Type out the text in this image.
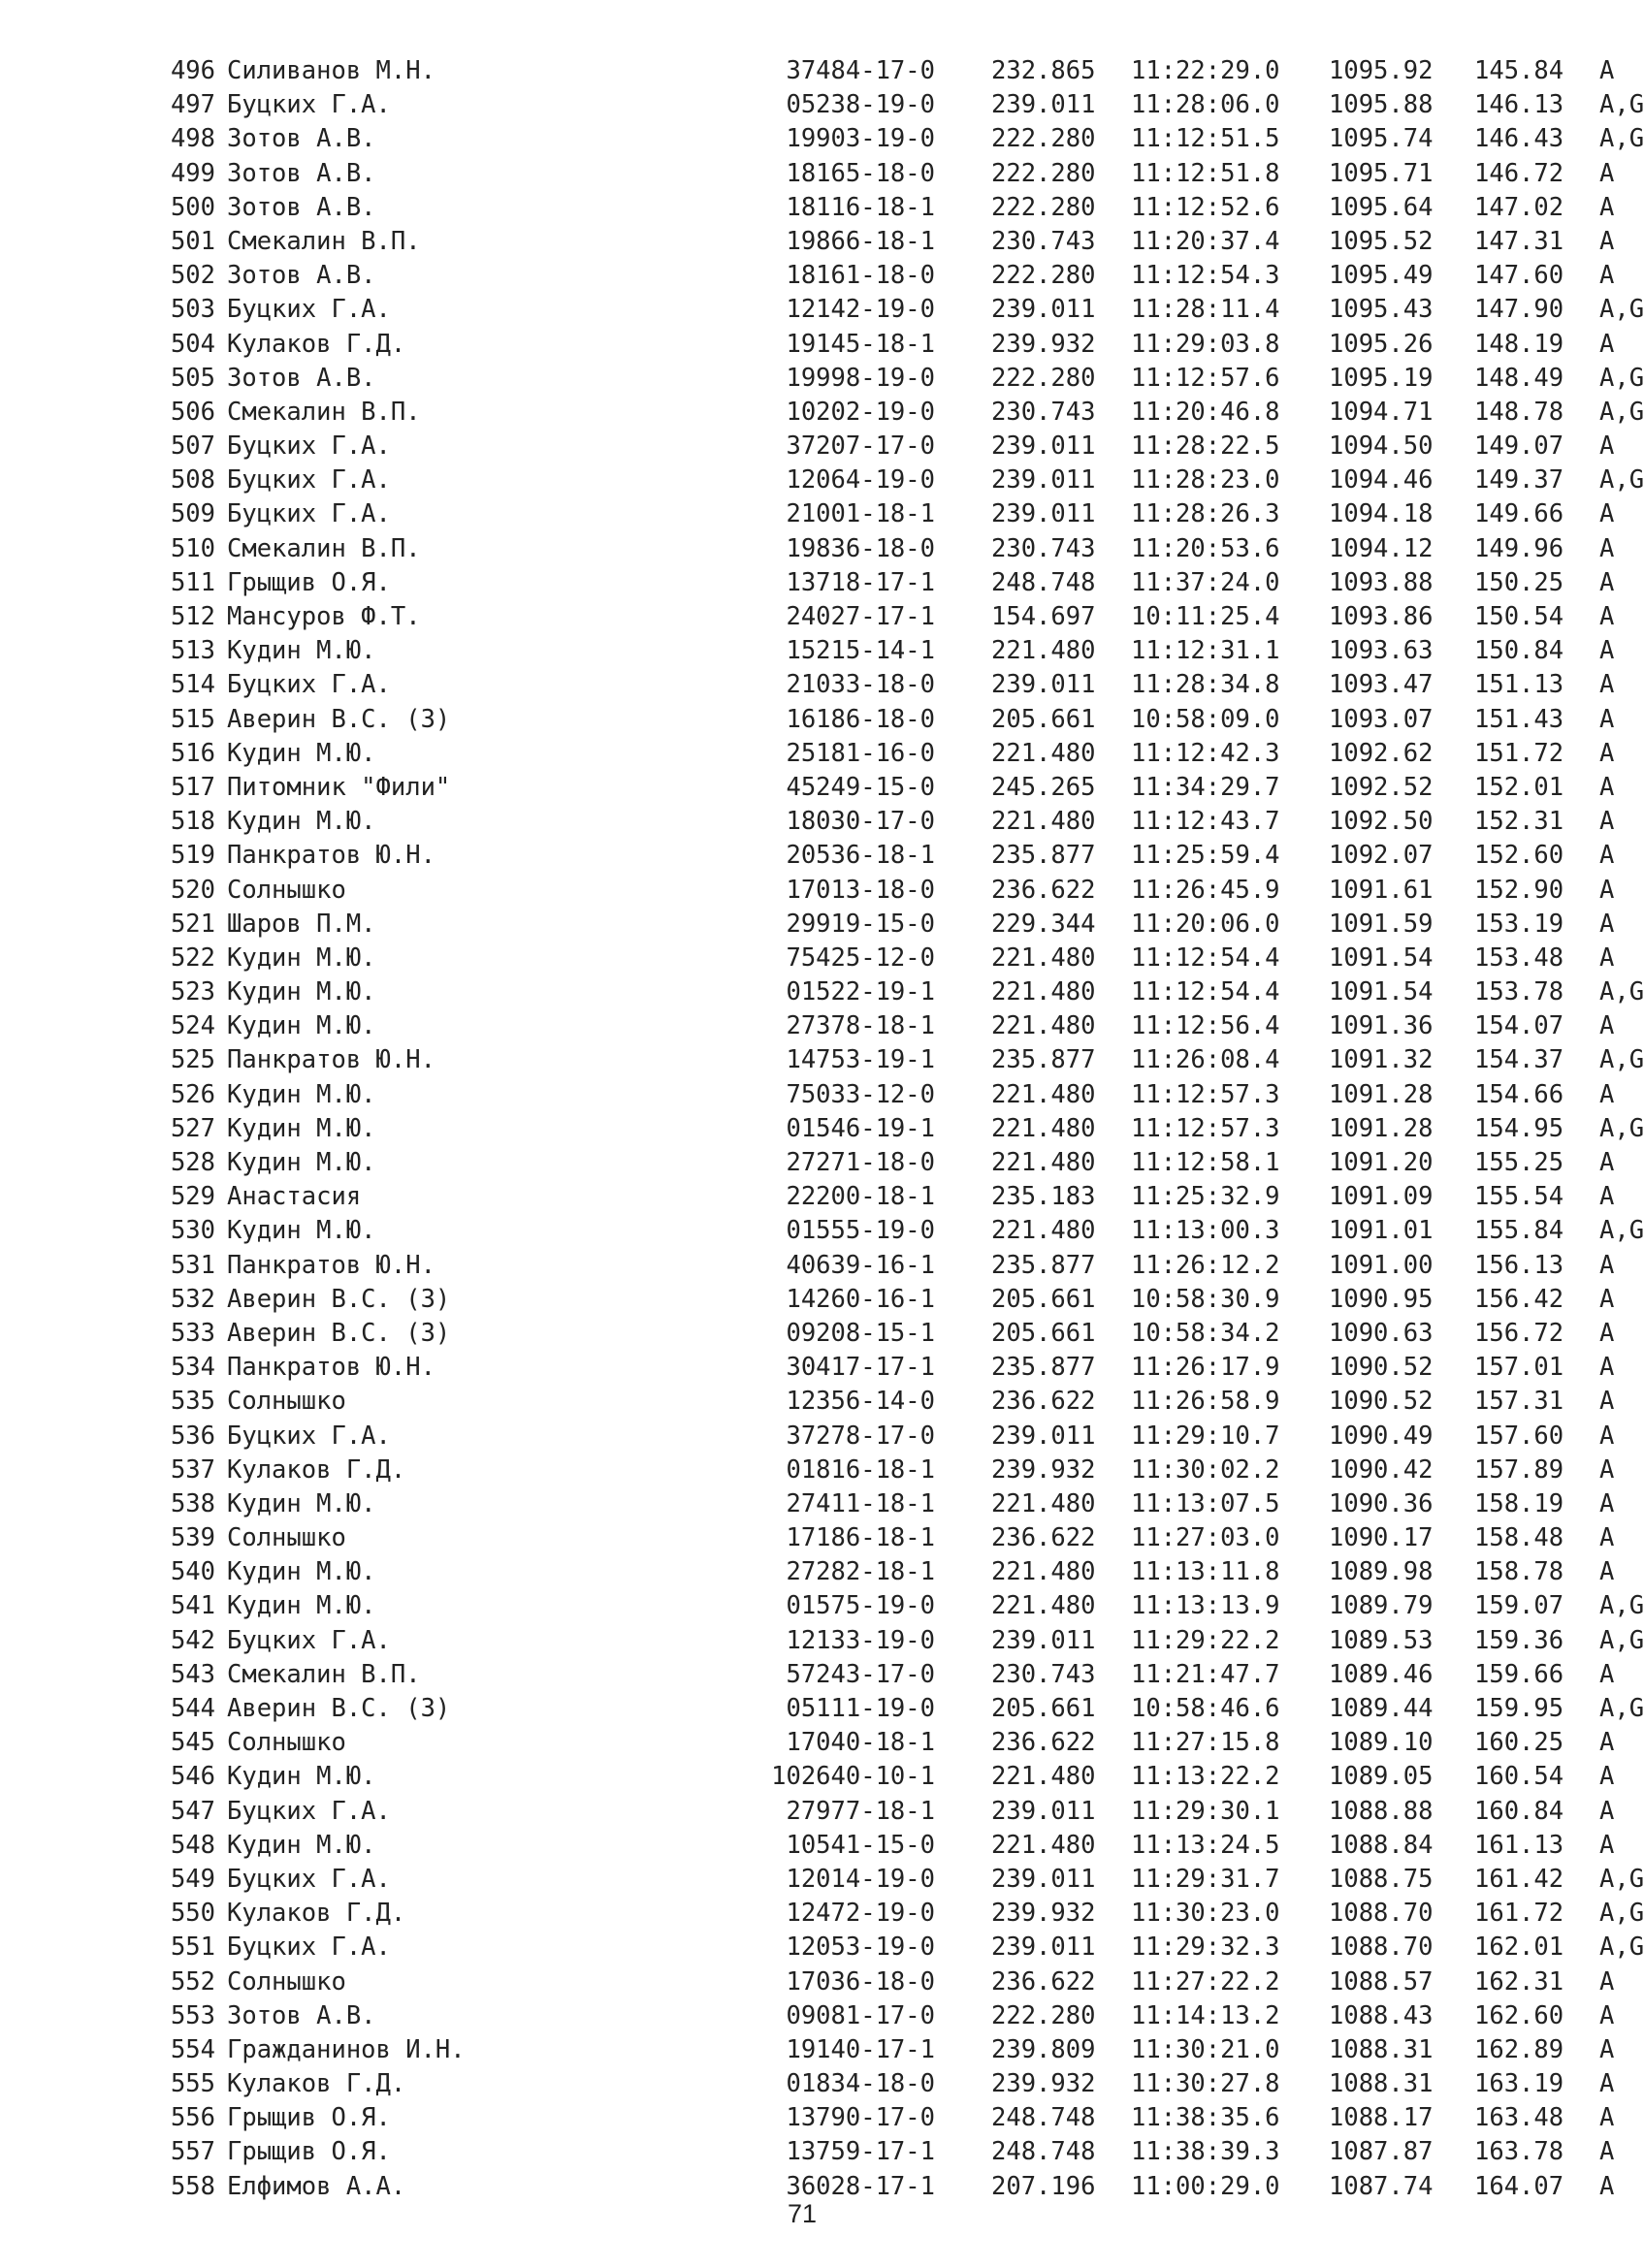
496 Силиванов М.Н.	37484-17-0 232.865 11:22:29.0 1095.92 145.84 A
497 Буцких Г.А.	05238-19-0 239.011 11:28:06.0 1095.88 146.13 A,G
498 Зотов А.В.	19903-19-0 222.280 11:12:51.5 1095.74 146.43 A,G
499 Зотов А.В.	18165-18-0 222.280 11:12:51.8 1095.71 146.72 A
500 Зотов А.В.	18116-18-1 222.280 11:12:52.6 1095.64 147.02 A
501 Смекалин В.П.	19866-18-1 230.743 11:20:37.4 1095.52 147.31 A
502 Зотов А.В.	18161-18-0 222.280 11:12:54.3 1095.49 147.60 A
503 Буцких Г.А.	12142-19-0 239.011 11:28:11.4 1095.43 147.90 A,G
504 Кулаков Г.Д.	19145-18-1 239.932 11:29:03.8 1095.26 148.19 A
505 Зотов А.В.	19998-19-0 222.280 11:12:57.6 1095.19 148.49 A,G
506 Смекалин В.П.	10202-19-0 230.743 11:20:46.8 1094.71 148.78 A,G
507 Буцких Г.А.	37207-17-0 239.011 11:28:22.5 1094.50 149.07 A
508 Буцких Г.А.	12064-19-0 239.011 11:28:23.0 1094.46 149.37 A,G
509 Буцких Г.А.	21001-18-1 239.011 11:28:26.3 1094.18 149.66 A
510 Смекалин В.П.	19836-18-0 230.743 11:20:53.6 1094.12 149.96 A
511 Грыщив О.Я.	13718-17-1 248.748 11:37:24.0 1093.88 150.25 A
512 Мансуров Ф.Т.	24027-17-1 154.697 10:11:25.4 1093.86 150.54 A
513 Кудин М.Ю.	15215-14-1 221.480 11:12:31.1 1093.63 150.84 A
514 Буцких Г.А.	21033-18-0 239.011 11:28:34.8 1093.47 151.13 A
515 Аверин В.С. (З)	16186-18-0 205.661 10:58:09.0 1093.07 151.43 A
516 Кудин М.Ю.	25181-16-0 221.480 11:12:42.3 1092.62 151.72 A
517 Питомник "Фили"	45249-15-0 245.265 11:34:29.7 1092.52 152.01 A
518 Кудин М.Ю.	18030-17-0 221.480 11:12:43.7 1092.50 152.31 A
519 Панкратов Ю.Н.	20536-18-1 235.877 11:25:59.4 1092.07 152.60 A
520 Солнышко	17013-18-0 236.622 11:26:45.9 1091.61 152.90 A
521 Шаров П.М.	29919-15-0 229.344 11:20:06.0 1091.59 153.19 A
522 Кудин М.Ю.	75425-12-0 221.480 11:12:54.4 1091.54 153.48 A
523 Кудин М.Ю.	01522-19-1 221.480 11:12:54.4 1091.54 153.78 A,G
524 Кудин М.Ю.	27378-18-1 221.480 11:12:56.4 1091.36 154.07 A
525 Панкратов Ю.Н.	14753-19-1 235.877 11:26:08.4 1091.32 154.37 A,G
526 Кудин М.Ю.	75033-12-0 221.480 11:12:57.3 1091.28 154.66 A
527 Кудин М.Ю.	01546-19-1 221.480 11:12:57.3 1091.28 154.95 A,G
528 Кудин М.Ю.	27271-18-0 221.480 11:12:58.1 1091.20 155.25 A
529 Анастасия	22200-18-1 235.183 11:25:32.9 1091.09 155.54 A
530 Кудин М.Ю.	01555-19-0 221.480 11:13:00.3 1091.01 155.84 A,G
531 Панкратов Ю.Н.	40639-16-1 235.877 11:26:12.2 1091.00 156.13 A
532 Аверин В.С. (З)	14260-16-1 205.661 10:58:30.9 1090.95 156.42 A
533 Аверин В.С. (З)	09208-15-1 205.661 10:58:34.2 1090.63 156.72 A
534 Панкратов Ю.Н.	30417-17-1 235.877 11:26:17.9 1090.52 157.01 A
535 Солнышко	12356-14-0 236.622 11:26:58.9 1090.52 157.31 A
536 Буцких Г.А.	37278-17-0 239.011 11:29:10.7 1090.49 157.60 A
537 Кулаков Г.Д.	01816-18-1 239.932 11:30:02.2 1090.42 157.89 A
538 Кудин М.Ю.	27411-18-1 221.480 11:13:07.5 1090.36 158.19 A
539 Солнышко	17186-18-1 236.622 11:27:03.0 1090.17 158.48 A
540 Кудин М.Ю.	27282-18-1 221.480 11:13:11.8 1089.98 158.78 A
541 Кудин М.Ю.	01575-19-0 221.480 11:13:13.9 1089.79 159.07 A,G
542 Буцких Г.А.	12133-19-0 239.011 11:29:22.2 1089.53 159.36 A,G
543 Смекалин В.П.	57243-17-0 230.743 11:21:47.7 1089.46 159.66 A
544 Аверин В.С. (З)	05111-19-0 205.661 10:58:46.6 1089.44 159.95 A,G
545 Солнышко	17040-18-1 236.622 11:27:15.8 1089.10 160.25 A
546 Кудин М.Ю.	102640-10-1 221.480 11:13:22.2 1089.05 160.54 A
547 Буцких Г.А.	27977-18-1 239.011 11:29:30.1 1088.88 160.84 A
548 Кудин М.Ю.	10541-15-0 221.480 11:13:24.5 1088.84 161.13 A
549 Буцких Г.А.	12014-19-0 239.011 11:29:31.7 1088.75 161.42 A,G
550 Кулаков Г.Д.	12472-19-0 239.932 11:30:23.0 1088.70 161.72 A,G
551 Буцких Г.А.	12053-19-0 239.011 11:29:32.3 1088.70 162.01 A,G
552 Солнышко	17036-18-0 236.622 11:27:22.2 1088.57 162.31 A
553 Зотов А.В.	09081-17-0 222.280 11:14:13.2 1088.43 162.60 A
554 Гражданинов И.Н.	19140-17-1 239.809 11:30:21.0 1088.31 162.89 A
555 Кулаков Г.Д.	01834-18-0 239.932 11:30:27.8 1088.31 163.19 A
556 Грыщив О.Я.	13790-17-0 248.748 11:38:35.6 1088.17 163.48 A
557 Грыщив О.Я.	13759-17-1 248.748 11:38:39.3 1087.87 163.78 A
558 Елфимов А.А.	36028-17-1 207.196 11:00:29.0 1087.74 164.07 A
71
